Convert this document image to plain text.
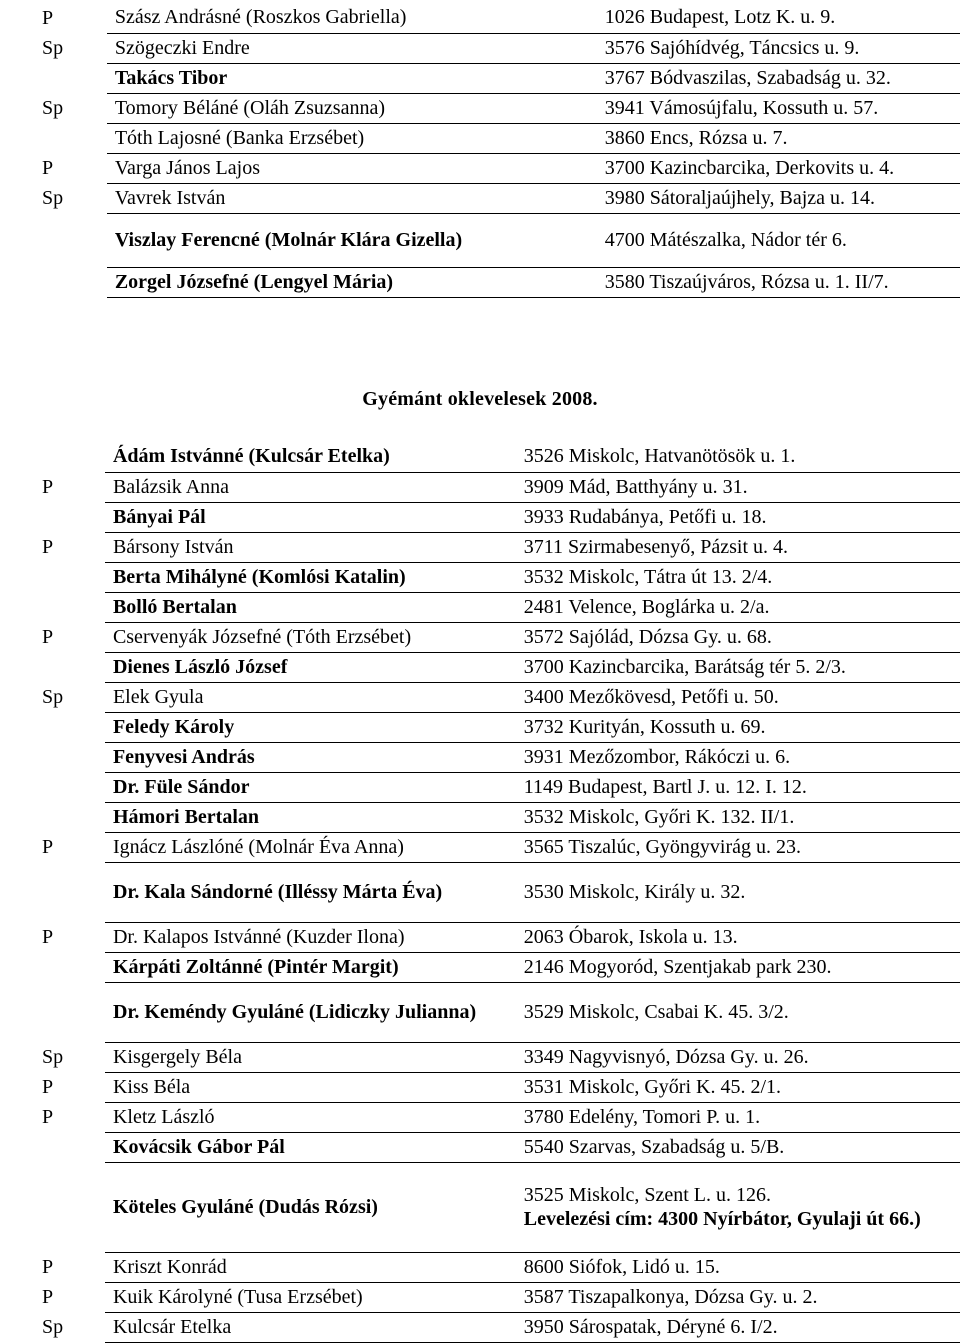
P	Szász Andrásné (Roszkos Gabriella)	1026 Budapest, Lotz K. u. 9.
Sp	Szögeczki Endre	3576 Sajóhídvég, Táncsics u. 9.
	Takács Tibor	3767 Bódvaszilas, Szabadság u. 32.
Sp	Tomory Béláné (Oláh Zsuzsanna)	3941 Vámosújfalu, Kossuth u. 57.
	Tóth Lajosné (Banka Erzsébet)	3860 Encs, Rózsa u. 7.
P	Varga János Lajos	3700 Kazincbarcika, Derkovits u. 4.
Sp	Vavrek István	3980 Sátoraljaújhely, Bajza u. 14.
	Viszlay Ferencné (Molnár Klára Gizella)	4700 Mátészalka, Nádor tér 6.
	Zorgel Józsefné (Lengyel Mária)	3580 Tiszaújváros, Rózsa u. 1. II/7.
Gyémánt oklevelesek 2008.
	Ádám Istvánné (Kulcsár Etelka)	3526 Miskolc, Hatvanötösök u. 1.
P	Balázsik Anna	3909 Mád, Batthyány u. 31.
	Bányai Pál	3933 Rudabánya, Petőfi u. 18.
P	Bársony István	3711 Szirmabesenyő, Pázsit u. 4.
	Berta Mihályné (Komlósi Katalin)	3532 Miskolc, Tátra út 13. 2/4.
	Bolló Bertalan	2481 Velence, Boglárka u. 2/a.
P	Cservenyák Józsefné (Tóth Erzsébet)	3572 Sajólád, Dózsa Gy. u. 68.
	Dienes László József	3700 Kazincbarcika, Barátság tér 5. 2/3.
Sp	Elek Gyula	3400 Mezőkövesd, Petőfi u. 50.
	Feledy Károly	3732 Kurityán, Kossuth u. 69.
	Fenyvesi András	3931 Mezőzombor, Rákóczi u. 6.
	Dr. Füle Sándor	1149 Budapest, Bartl J. u. 12. I. 12.
	Hámori Bertalan	3532 Miskolc, Győri K. 132. II/1.
P	Ignácz Lászlóné (Molnár Éva Anna)	3565 Tiszalúc, Gyöngyvirág u. 23.
	Dr. Kala Sándorné (Illéssy Márta Éva)	3530 Miskolc, Király u. 32.
P	Dr. Kalapos Istvánné (Kuzder Ilona)	2063 Óbarok, Iskola u. 13.
	Kárpáti Zoltánné (Pintér Margit)	2146 Mogyoród, Szentjakab park 230.
	Dr. Keméndy Gyuláné (Lidiczky Julianna)	3529 Miskolc, Csabai K. 45. 3/2.
Sp	Kisgergely Béla	3349 Nagyvisnyó, Dózsa Gy. u. 26.
P	Kiss Béla	3531 Miskolc, Győri K. 45. 2/1.
P	Kletz László	3780 Edelény, Tomori P. u. 1.
	Kovácsik Gábor Pál	5540 Szarvas, Szabadság u. 5/B.
	Köteles Gyuláné (Dudás Rózsi)	3525 Miskolc, Szent L. u. 126.
Levelezési cím: 4300 Nyírbátor, Gyulaji út 66.)

P	Kriszt Konrád	8600 Siófok, Lidó u. 15.
P	Kuik Károlyné (Tusa Erzsébet)	3587 Tiszapalkonya, Dózsa Gy. u. 2.
Sp	Kulcsár Etelka	3950 Sárospatak, Déryné 6. I/2.
